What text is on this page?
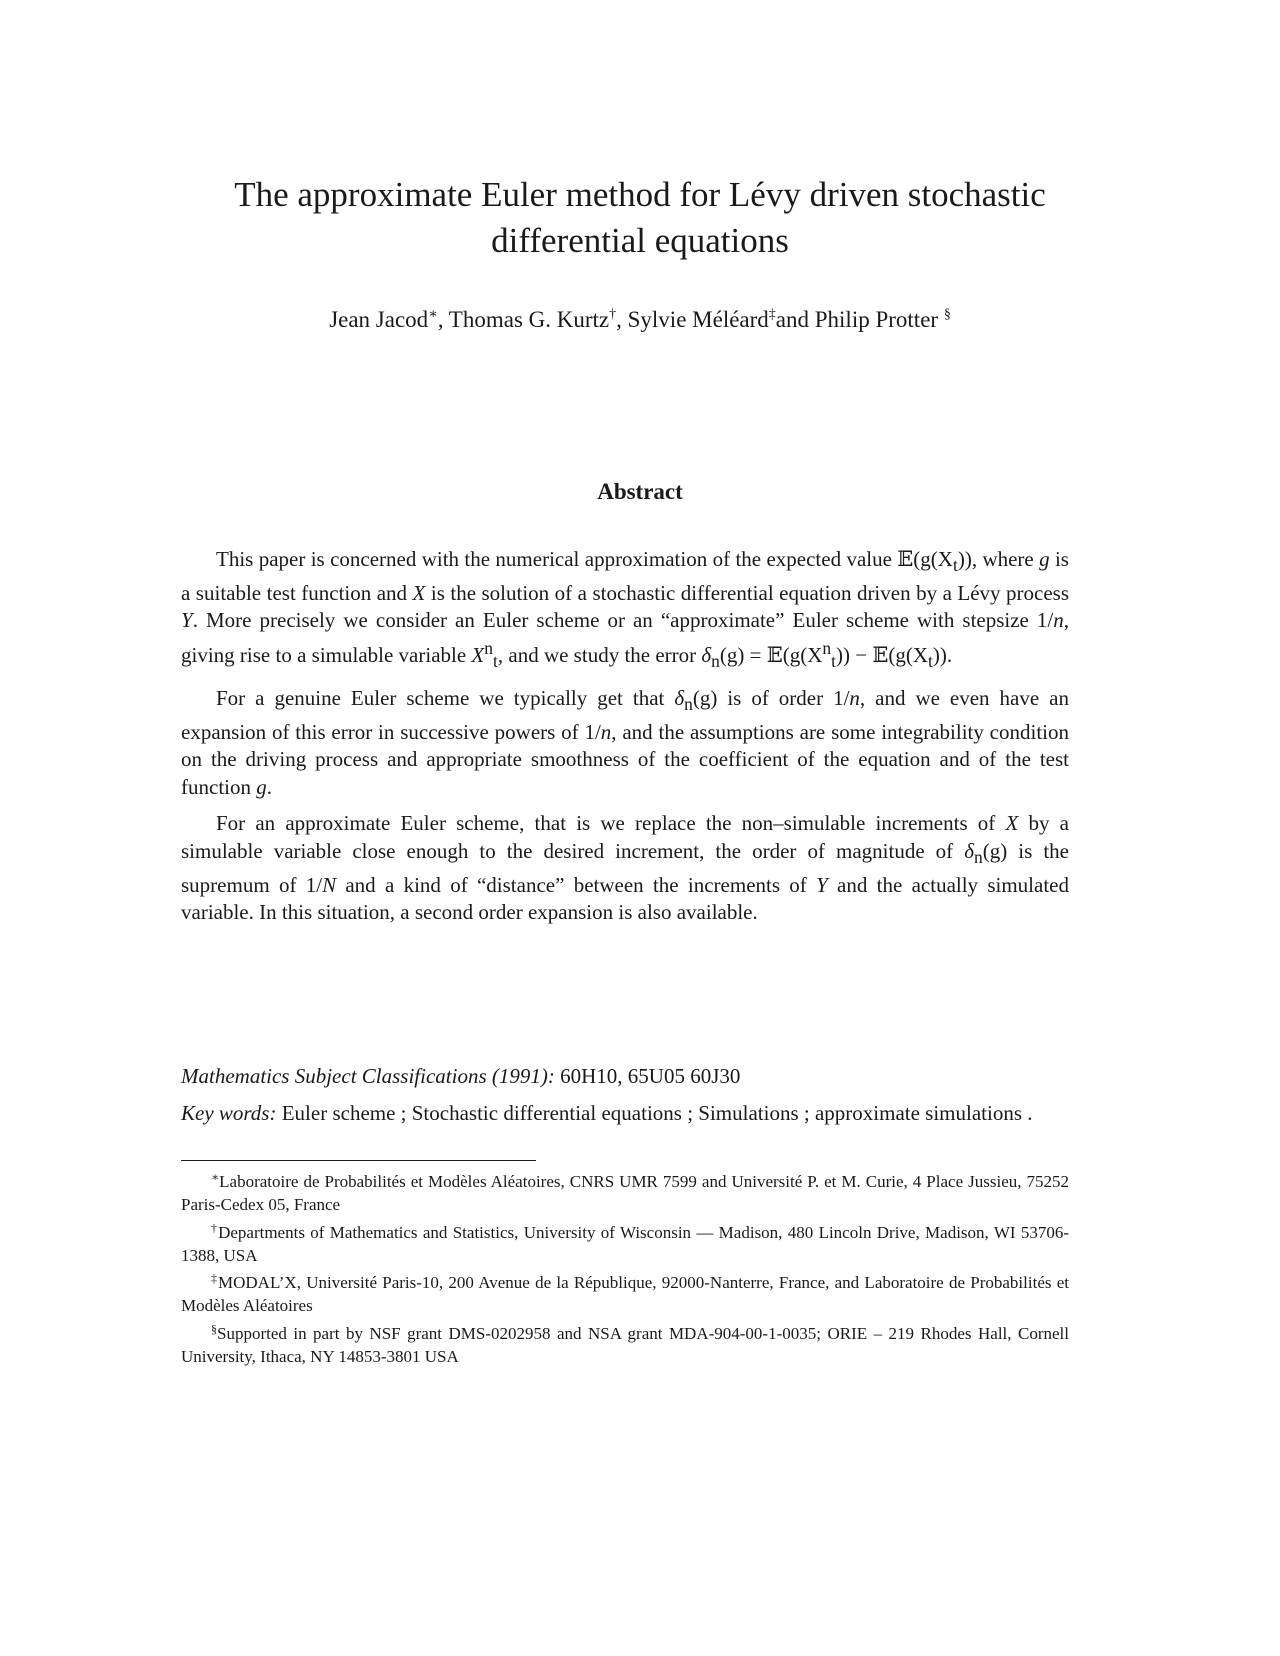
The approximate Euler method for Lévy driven stochastic
differential equations
Jean Jacod∗, Thomas G. Kurtz†, Sylvie Méléard‡and Philip Protter §
Abstract

This paper is concerned with the numerical approximation of the expected value $𝔼(g(X_t))$, where g is a suitable test function and X is the solution of a stochastic differential equation driven by a Lévy process Y. More precisely we consider an Euler scheme or an “approximate” Euler scheme with stepsize 1/n, giving rise to a simulable variable $X^n_t$, and we study the error $\delta_n(g)$ = $𝔼(g(X^n_t))$ − $𝔼(g(X_t))$.

For a genuine Euler scheme we typically get that $\delta_n(g)$ is of order 1/n, and we even have an expansion of this error in successive powers of 1/n, and the assumptions are some integrability condition on the driving process and appropriate smoothness of the coefficient of the equation and of the test function g.

For an approximate Euler scheme, that is we replace the non–simulable increments of X by a simulable variable close enough to the desired increment, the order of magnitude of $\delta_n(g)$ is the supremum of 1/N and a kind of “distance” between the increments of Y and the actually simulated variable. In this situation, a second order expansion is also available.

Mathematics Subject Classifications (1991): 60H10, 65U05 60J30
Key words: Euler scheme ; Stochastic differential equations ; Simulations ; approximate simulations .

∗Laboratoire de Probabilités et Modèles Aléatoires, CNRS UMR 7599 and Université P. et M. Curie, 4 Place Jussieu, 75252 Paris-Cedex 05, France

†Departments of Mathematics and Statistics, University of Wisconsin — Madison, 480 Lincoln Drive, Madison, WI 53706-1388, USA

‡MODAL’X, Université Paris-10, 200 Avenue de la République, 92000-Nanterre, France, and Laboratoire de Probabilités et Modèles Aléatoires

§Supported in part by NSF grant DMS-0202958 and NSA grant MDA-904-00-1-0035; ORIE – 219 Rhodes Hall, Cornell University, Ithaca, NY 14853-3801 USA
